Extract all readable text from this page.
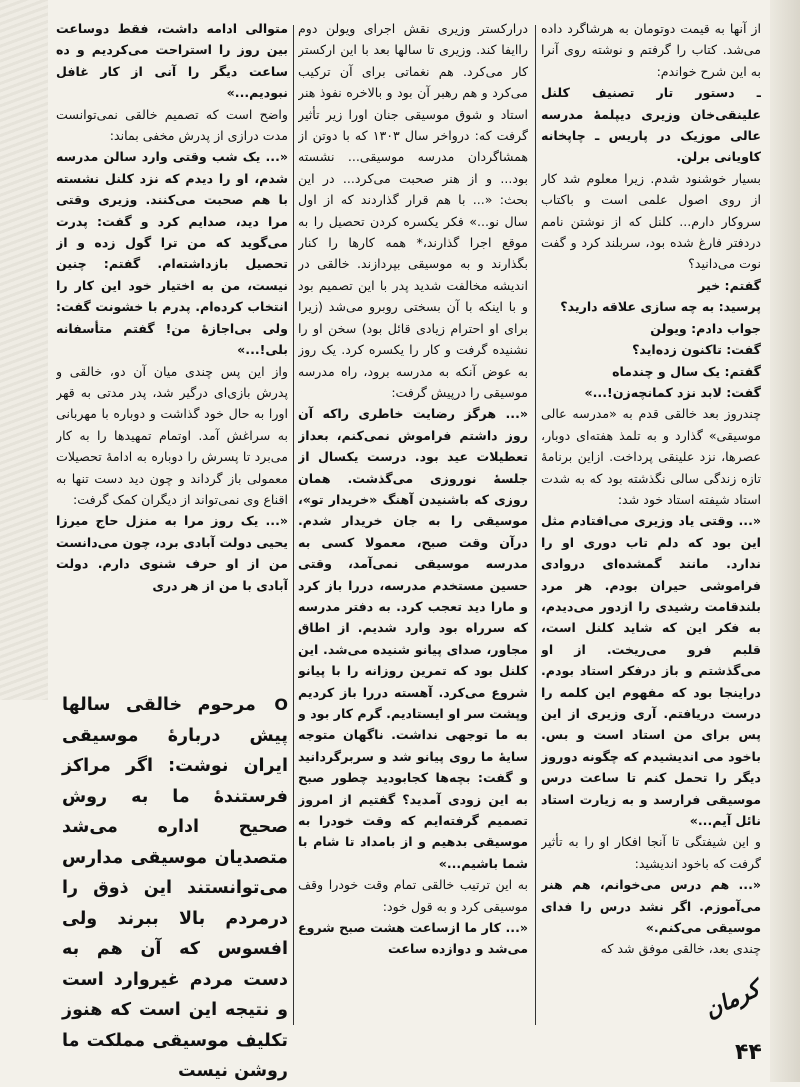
از آنها به قیمت دوتومان به هرشاگرد داده می‌شد. کتاب را گرفتم و نوشته روی آنرا به این شرح خواندم:

ـ دستور تار تصنیف کلنل علینقی‌خان وزیری دیپلمهٔ مدرسه عالی موزیک در پاریس ـ چاپخانه کاویانی برلن.

بسیار خوشنود شدم. زیرا معلوم شد کار از روی اصول علمی است و باکتاب سروکار دارم... کلنل که از نوشتن نامم دردفتر فارغ شده بود، سربلند کرد و گفت نوت می‌دانید؟

گفتم: خیر

پرسید: به چه سازی علاقه دارید؟

جواب دادم: ویولن

گفت: تاکنون زده‌اید؟

گفتم: یک سال و چندماه

گفت: لابد نزد کمانچه‌زن!...»

چندروز بعد خالقی قدم به «مدرسه عالی موسیقی» گذارد و به تلمذ هفته‌ای دوبار، عصرها، نزد علینقی پرداخت. ازاین برنامهٔ تازه زندگی سالی نگذشته بود که به شدت استاد شیفته استاد خود شد:

«... وقتی یاد وزیری می‌افتادم مثل این بود که دلم تاب دوری او را ندارد. مانند گمشده‌ای دروادی فراموشی حیران بودم. هر مرد بلندقامت رشیدی را ازدور می‌دیدم، به فکر این که شاید کلنل است، قلبم فرو می‌ریخت. از او می‌گذشتم و باز درفکر استاد بودم. دراینجا بود که مفهوم این کلمه را درست دریافتم. آری وزیری از این پس برای من استاد است و بس. باخود می اندیشیدم که چگونه دوروز دیگر را تحمل کنم تا ساعت درس موسیقی فرارسد و به زیارت استاد نائل آیم...»

و این شیفتگی تا آنجا افکار او را به تأثیر گرفت که باخود اندیشید:

«... هم درس می‌خوانم، هم هنر می‌آموزم. اگر نشد درس را فدای موسیقی می‌کنم.»

چندی بعد، خالقی موفق شد که

درارکستر وزیری نقش اجرای ویولن دوم راایفا کند. وزیری تا سالها بعد با این ارکستر کار می‌کرد. هم نغماتی برای آن ترکیب می‌کرد و هم رهبر آن بود و بالاخره نفوذ هنر استاد و شوق موسیقی جنان اورا زیر تأثیر گرفت که: درواخر سال ۱۳۰۳ که با دوتن از همشاگردان مدرسه موسیقی... نشسته بود... و از هنر صحبت می‌کرد... در این بحث: «... با هم قرار گذاردند که از اول سال نو...» فکر یکسره کردن تحصیل را به موقع اجرا گذارند،* همه کارها را کنار بگذارند و به موسیقی بپردازند. خالقی در اندیشه مخالفت شدید پدر با این تصمیم بود و با اینکه با آن بسختی روبرو می‌شد (زیرا برای او احترام زیادی قائل بود) سخن او را نشنیده گرفت و کار را یکسره کرد. یک روز به عوض آنکه به مدرسه برود، راه مدرسه موسیقی را درپیش گرفت:

«... هرگز رضایت خاطری راکه آن روز داشتم فراموش نمی‌کنم، بعداز تعطیلات عید بود. درست یکسال از جلسهٔ نوروزی می‌گذشت. همان روزی که باشنیدن آهنگ «خریدار تو»، موسیقی را به جان خریدار شدم. درآن وقت صبح، معمولا کسی به مدرسه موسیقی نمی‌آمد، وقتی حسین مستخدم مدرسه، دررا باز کرد و مارا دید تعجب کرد. به دفتر مدرسه که سرراه بود وارد شدیم. از اطاق مجاور، صدای پیانو شنیده می‌شد. این کلنل بود که تمرین روزانه را با پیانو شروع می‌کرد. آهسته دررا باز کردیم وپشت سر او ایستادیم. گرم کار بود و به ما توجهی نداشت. ناگهان متوجه سایهٔ ما روی پیانو شد و سربرگردانید و گفت: بچه‌ها کجابودید چطور صبح به این زودی آمدید؟ گفتیم از امروز تصمیم گرفته‌ایم که وقت خودرا به موسیقی بدهیم و از بامداد تا شام با شما باشیم...»

به این ترتیب خالقی تمام وقت خودرا وقف موسیقی کرد و به قول خود:

«... کار ما ازساعت هشت صبح شروع می‌شد و دوازده ساعت

متوالی ادامه داشت، فقط دوساعت بین روز را استراحت می‌کردیم و ده ساعت دیگر را آنی از کار غافل نبودیم...»

واضح است که تصمیم خالقی نمی‌توانست مدت درازی از پدرش مخفی بماند:

«... یک شب وقتی وارد سالن مدرسه شدم، او را دیدم که نزد کلنل نشسته با هم صحبت می‌کنند. وزیری وقتی مرا دید، صدایم کرد و گفت: پدرت می‌گوید که من ترا گول زده و از تحصیل بازداشته‌ام. گفتم: چنین نیست، من به اختیار خود این کار را انتخاب کرده‌ام. پدرم با خشونت گفت: ولی بی‌اجازهٔ من! گفتم متأسفانه بلی!...»

واز این پس چندی میان آن دو، خالقی و پدرش بازی‌ای درگیر شد، پدر مدتی به قهر اورا به حال خود گذاشت و دوباره با مهربانی به سراغش آمد. اوتمام تمهیدها را به کار می‌برد تا پسرش را دوباره به ادامهٔ تحصیلات معمولی باز گرداند و چون دید دست تنها به اقناع وی نمی‌تواند از دیگران کمک گرفت:

«... یک روز مرا به منزل حاج میرزا یحیی دولت آبادی برد، چون می‌دانست من از او حرف شنوی دارم. دولت آبادی با من از هر دری

O مرحوم خالقی سالها پیش دربارهٔ موسیقی ایران نوشت: اگر مراکز فرستندهٔ ما به روش صحیح اداره می‌شد متصدیان موسیقی مدارس می‌توانستند این ذوق را درمردم بالا ببرند ولی افسوس که آن هم به دست مردم غیروارد است و نتیجه این است که هنوز تکلیف موسیقی مملکت ما روشن نیست
کرمان
۴۴
